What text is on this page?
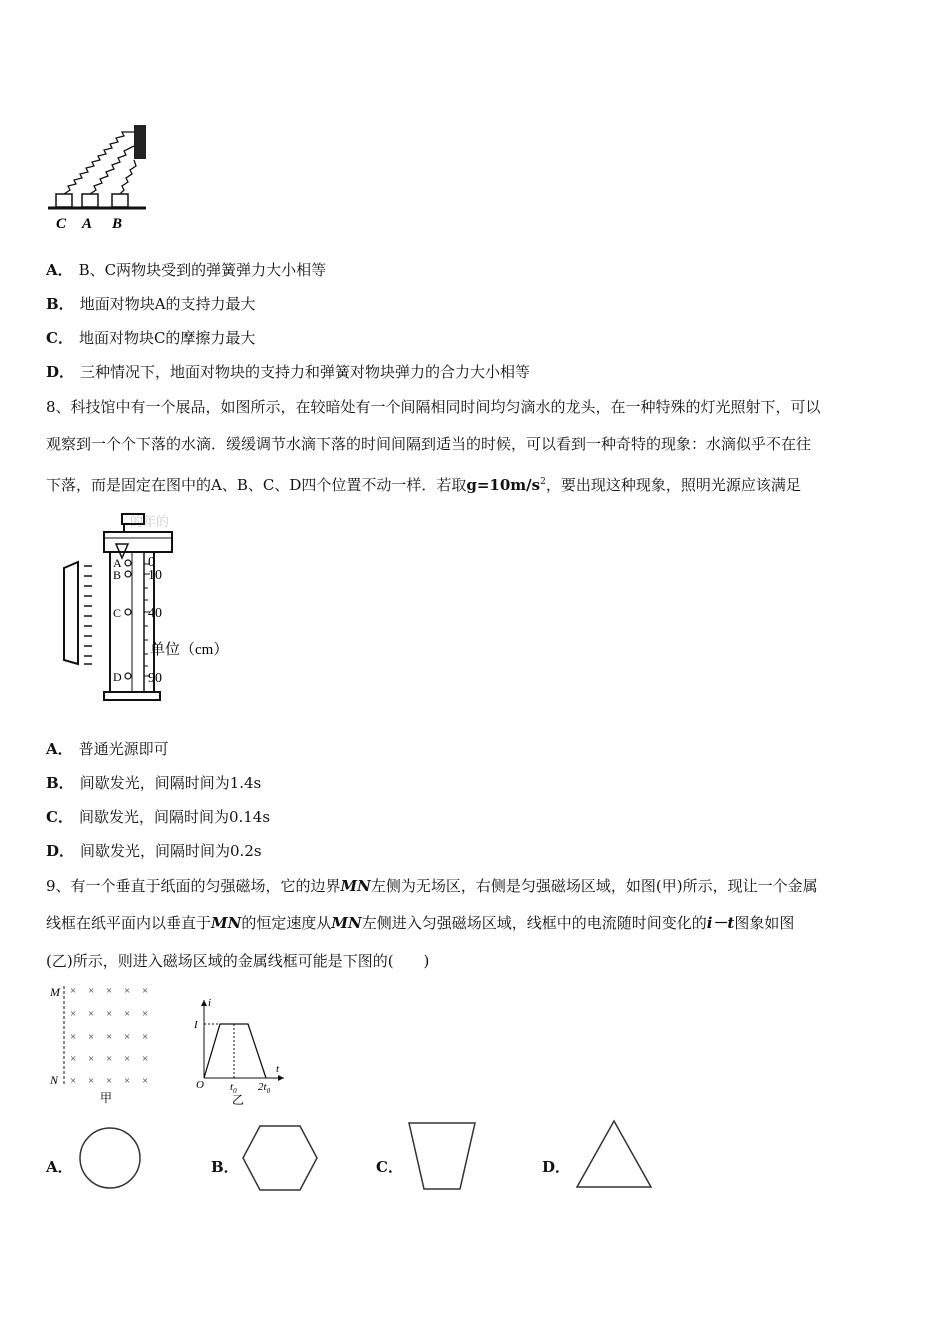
C A B
A． B、C两物块受到的弹簧弹力大小相等
B． 地面对物块A的支持力最大
C． 地面对物块C的摩擦力最大
D． 三种情况下，地面对物块的支持力和弹簧对物块弹力的合力大小相等
8、科技馆中有一个展品，如图所示，在较暗处有一个间隔相同时间均匀滴水的龙头，在一种特殊的灯光照射下，可以
观察到一个个下落的水滴．缓缓调节水滴下落的时间间隔到适当的时候，可以看到一种奇特的现象：水滴似乎不在往
下落，而是固定在图中的A、B、C、D四个位置不动一样．若取$g=10m/s^2$，要出现这种现象，照明光源应该满足
的年的
A
B
C
D
0
10
40
单位（cm）
90
A． 普通光源即可
B． 间歇发光，间隔时间为1.4s
C． 间歇发光，间隔时间为0.14s
D． 间歇发光，间隔时间为0.2s
9、有一个垂直于纸面的匀强磁场，它的边界MN左侧为无场区，右侧是匀强磁场区域，如图(甲)所示，现让一个金属
线框在纸平面内以垂直于MN的恒定速度从MN左侧进入匀强磁场区域，线框中的电流随时间变化的i－t图象如图
(乙)所示，则进入磁场区域的金属线框可能是下图的(　　)
M
N
× × × × ×
× × × × ×
× × × × ×
× × × × ×
× × × × ×
甲
i
t
I
O $t_0$ $2t_0$
乙
A．	B．	C．	D．
